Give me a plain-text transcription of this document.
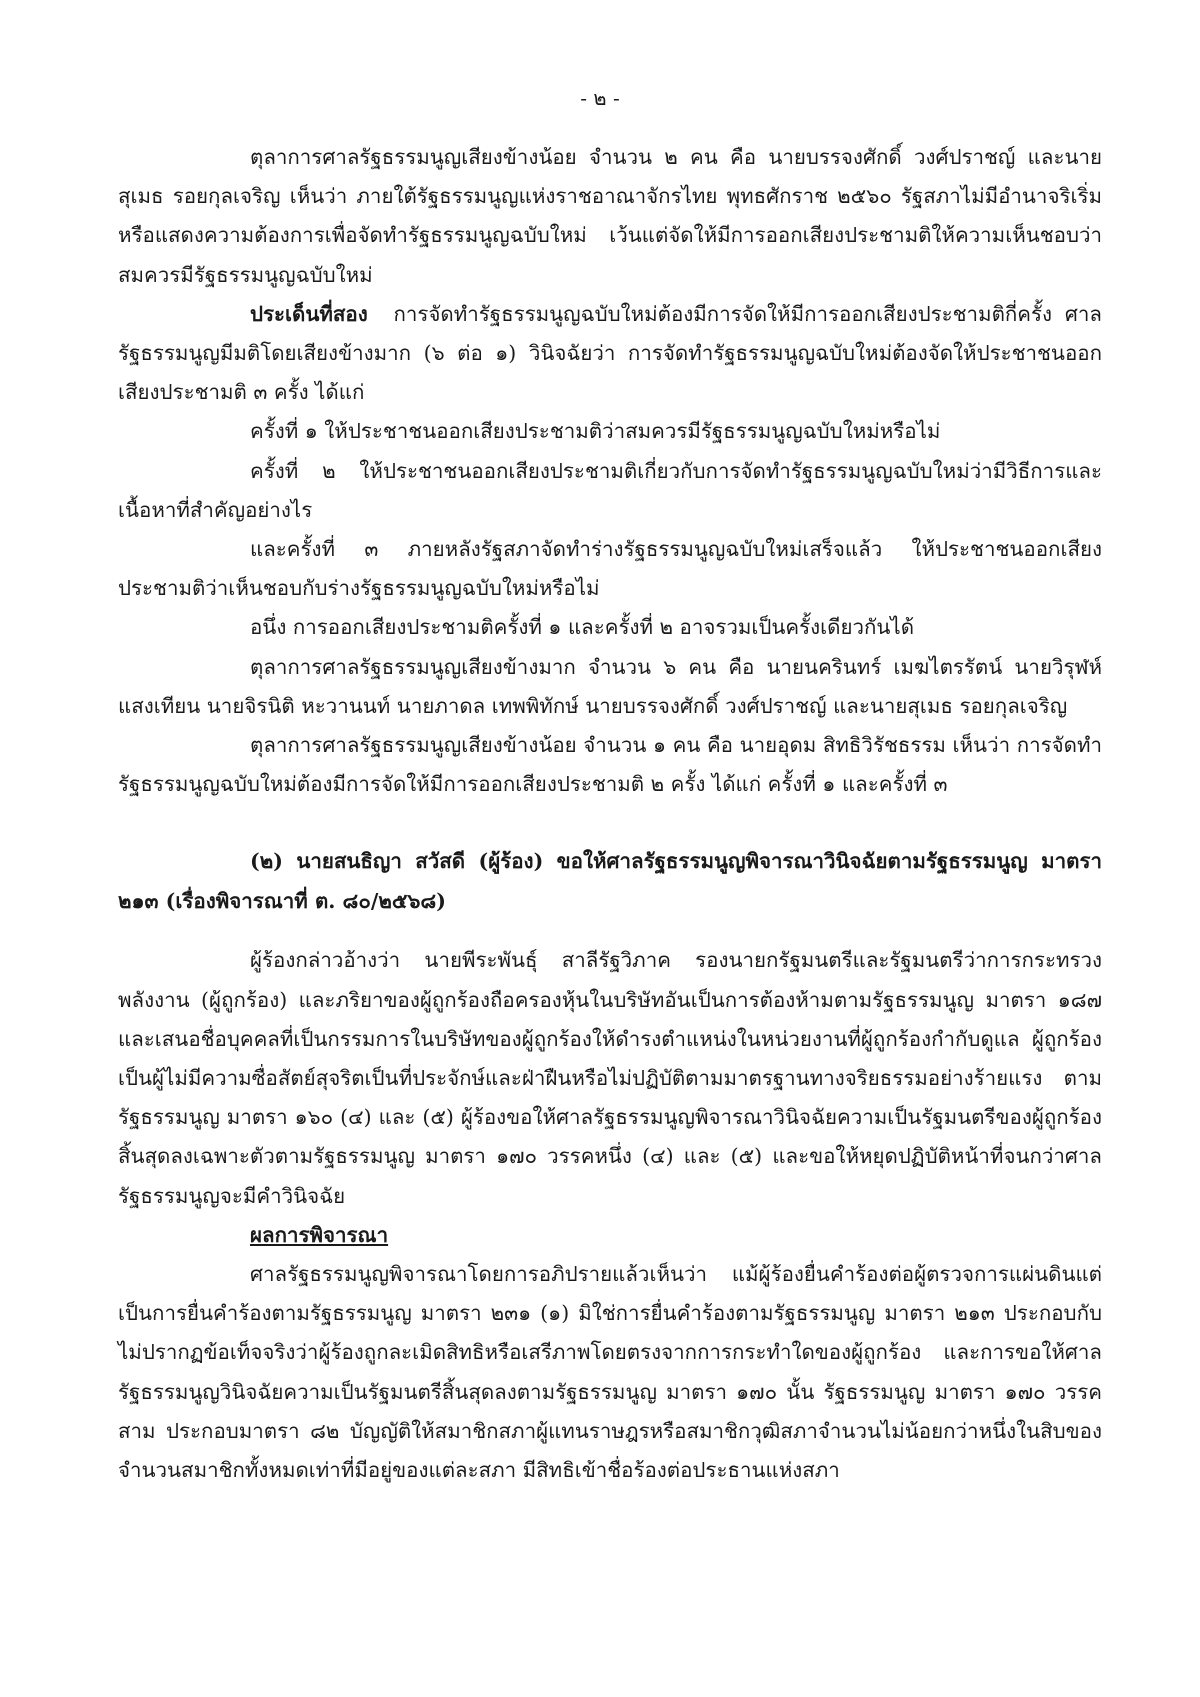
- ๒ -

ตุลาการศาลรัฐธรรมนูญเสียงข้างน้อย จำนวน ๒ คน คือ นายบรรจงศักดิ์ วงศ์ปราชญ์ และนายสุเมธ รอยกุลเจริญ เห็นว่า ภายใต้รัฐธรรมนูญแห่งราชอาณาจักรไทย พุทธศักราช ๒๕๖๐ รัฐสภาไม่มีอำนาจริเริ่มหรือแสดงความต้องการเพื่อจัดทำรัฐธรรมนูญฉบับใหม่ เว้นแต่จัดให้มีการออกเสียงประชามติให้ความเห็นชอบว่าสมควรมีรัฐธรรมนูญฉบับใหม่

ประเด็นที่สอง การจัดทำรัฐธรรมนูญฉบับใหม่ต้องมีการจัดให้มีการออกเสียงประชามติกี่ครั้ง ศาลรัฐธรรมนูญมีมติโดยเสียงข้างมาก (๖ ต่อ ๑) วินิจฉัยว่า การจัดทำรัฐธรรมนูญฉบับใหม่ต้องจัดให้ประชาชนออกเสียงประชามติ ๓ ครั้ง ได้แก่

ครั้งที่ ๑ ให้ประชาชนออกเสียงประชามติว่าสมควรมีรัฐธรรมนูญฉบับใหม่หรือไม่

ครั้งที่ ๒ ให้ประชาชนออกเสียงประชามติเกี่ยวกับการจัดทำรัฐธรรมนูญฉบับใหม่ว่ามีวิธีการและเนื้อหาที่สำคัญอย่างไร

และครั้งที่ ๓ ภายหลังรัฐสภาจัดทำร่างรัฐธรรมนูญฉบับใหม่เสร็จแล้ว ให้ประชาชนออกเสียงประชามติว่าเห็นชอบกับร่างรัฐธรรมนูญฉบับใหม่หรือไม่

อนึ่ง การออกเสียงประชามติครั้งที่ ๑ และครั้งที่ ๒ อาจรวมเป็นครั้งเดียวกันได้

ตุลาการศาลรัฐธรรมนูญเสียงข้างมาก จำนวน ๖ คน คือ นายนครินทร์ เมฆไตรรัตน์ นายวิรุฬห์ แสงเทียน นายจิรนิติ หะวานนท์ นายภาดล เทพพิทักษ์ นายบรรจงศักดิ์ วงศ์ปราชญ์ และนายสุเมธ รอยกุลเจริญ

ตุลาการศาลรัฐธรรมนูญเสียงข้างน้อย จำนวน ๑ คน คือ นายอุดม สิทธิวิรัชธรรม เห็นว่า การจัดทำรัฐธรรมนูญฉบับใหม่ต้องมีการจัดให้มีการออกเสียงประชามติ ๒ ครั้ง ได้แก่ ครั้งที่ ๑ และครั้งที่ ๓

(๒) นายสนธิญา สวัสดี (ผู้ร้อง) ขอให้ศาลรัฐธรรมนูญพิจารณาวินิจฉัยตามรัฐธรรมนูญ มาตรา ๒๑๓ (เรื่องพิจารณาที่ ต. ๘๐/๒๕๖๘)

ผู้ร้องกล่าวอ้างว่า นายพีระพันธุ์ สาลีรัฐวิภาค รองนายกรัฐมนตรีและรัฐมนตรีว่าการกระทรวงพลังงาน (ผู้ถูกร้อง) และภริยาของผู้ถูกร้องถือครองหุ้นในบริษัทอันเป็นการต้องห้ามตามรัฐธรรมนูญ มาตรา ๑๘๗ และเสนอชื่อบุคคลที่เป็นกรรมการในบริษัทของผู้ถูกร้องให้ดำรงตำแหน่งในหน่วยงานที่ผู้ถูกร้องกำกับดูแล ผู้ถูกร้องเป็นผู้ไม่มีความซื่อสัตย์สุจริตเป็นที่ประจักษ์และฝ่าฝืนหรือไม่ปฏิบัติตามมาตรฐานทางจริยธรรมอย่างร้ายแรง ตามรัฐธรรมนูญ มาตรา ๑๖๐ (๔) และ (๕) ผู้ร้องขอให้ศาลรัฐธรรมนูญพิจารณาวินิจฉัยความเป็นรัฐมนตรีของผู้ถูกร้องสิ้นสุดลงเฉพาะตัวตามรัฐธรรมนูญ มาตรา ๑๗๐ วรรคหนึ่ง (๔) และ (๕) และขอให้หยุดปฏิบัติหน้าที่จนกว่าศาลรัฐธรรมนูญจะมีคำวินิจฉัย

ผลการพิจารณา

ศาลรัฐธรรมนูญพิจารณาโดยการอภิปรายแล้วเห็นว่า แม้ผู้ร้องยื่นคำร้องต่อผู้ตรวจการแผ่นดินแต่เป็นการยื่นคำร้องตามรัฐธรรมนูญ มาตรา ๒๓๑ (๑) มิใช่การยื่นคำร้องตามรัฐธรรมนูญ มาตรา ๒๑๓ ประกอบกับไม่ปรากฏข้อเท็จจริงว่าผู้ร้องถูกละเมิดสิทธิหรือเสรีภาพโดยตรงจากการกระทำใดของผู้ถูกร้อง และการขอให้ศาลรัฐธรรมนูญวินิจฉัยความเป็นรัฐมนตรีสิ้นสุดลงตามรัฐธรรมนูญ มาตรา ๑๗๐ นั้น รัฐธรรมนูญ มาตรา ๑๗๐ วรรคสาม ประกอบมาตรา ๘๒ บัญญัติให้สมาชิกสภาผู้แทนราษฎรหรือสมาชิกวุฒิสภาจำนวนไม่น้อยกว่าหนึ่งในสิบของจำนวนสมาชิกทั้งหมดเท่าที่มีอยู่ของแต่ละสภา มีสิทธิเข้าชื่อร้องต่อประธานแห่งสภา
